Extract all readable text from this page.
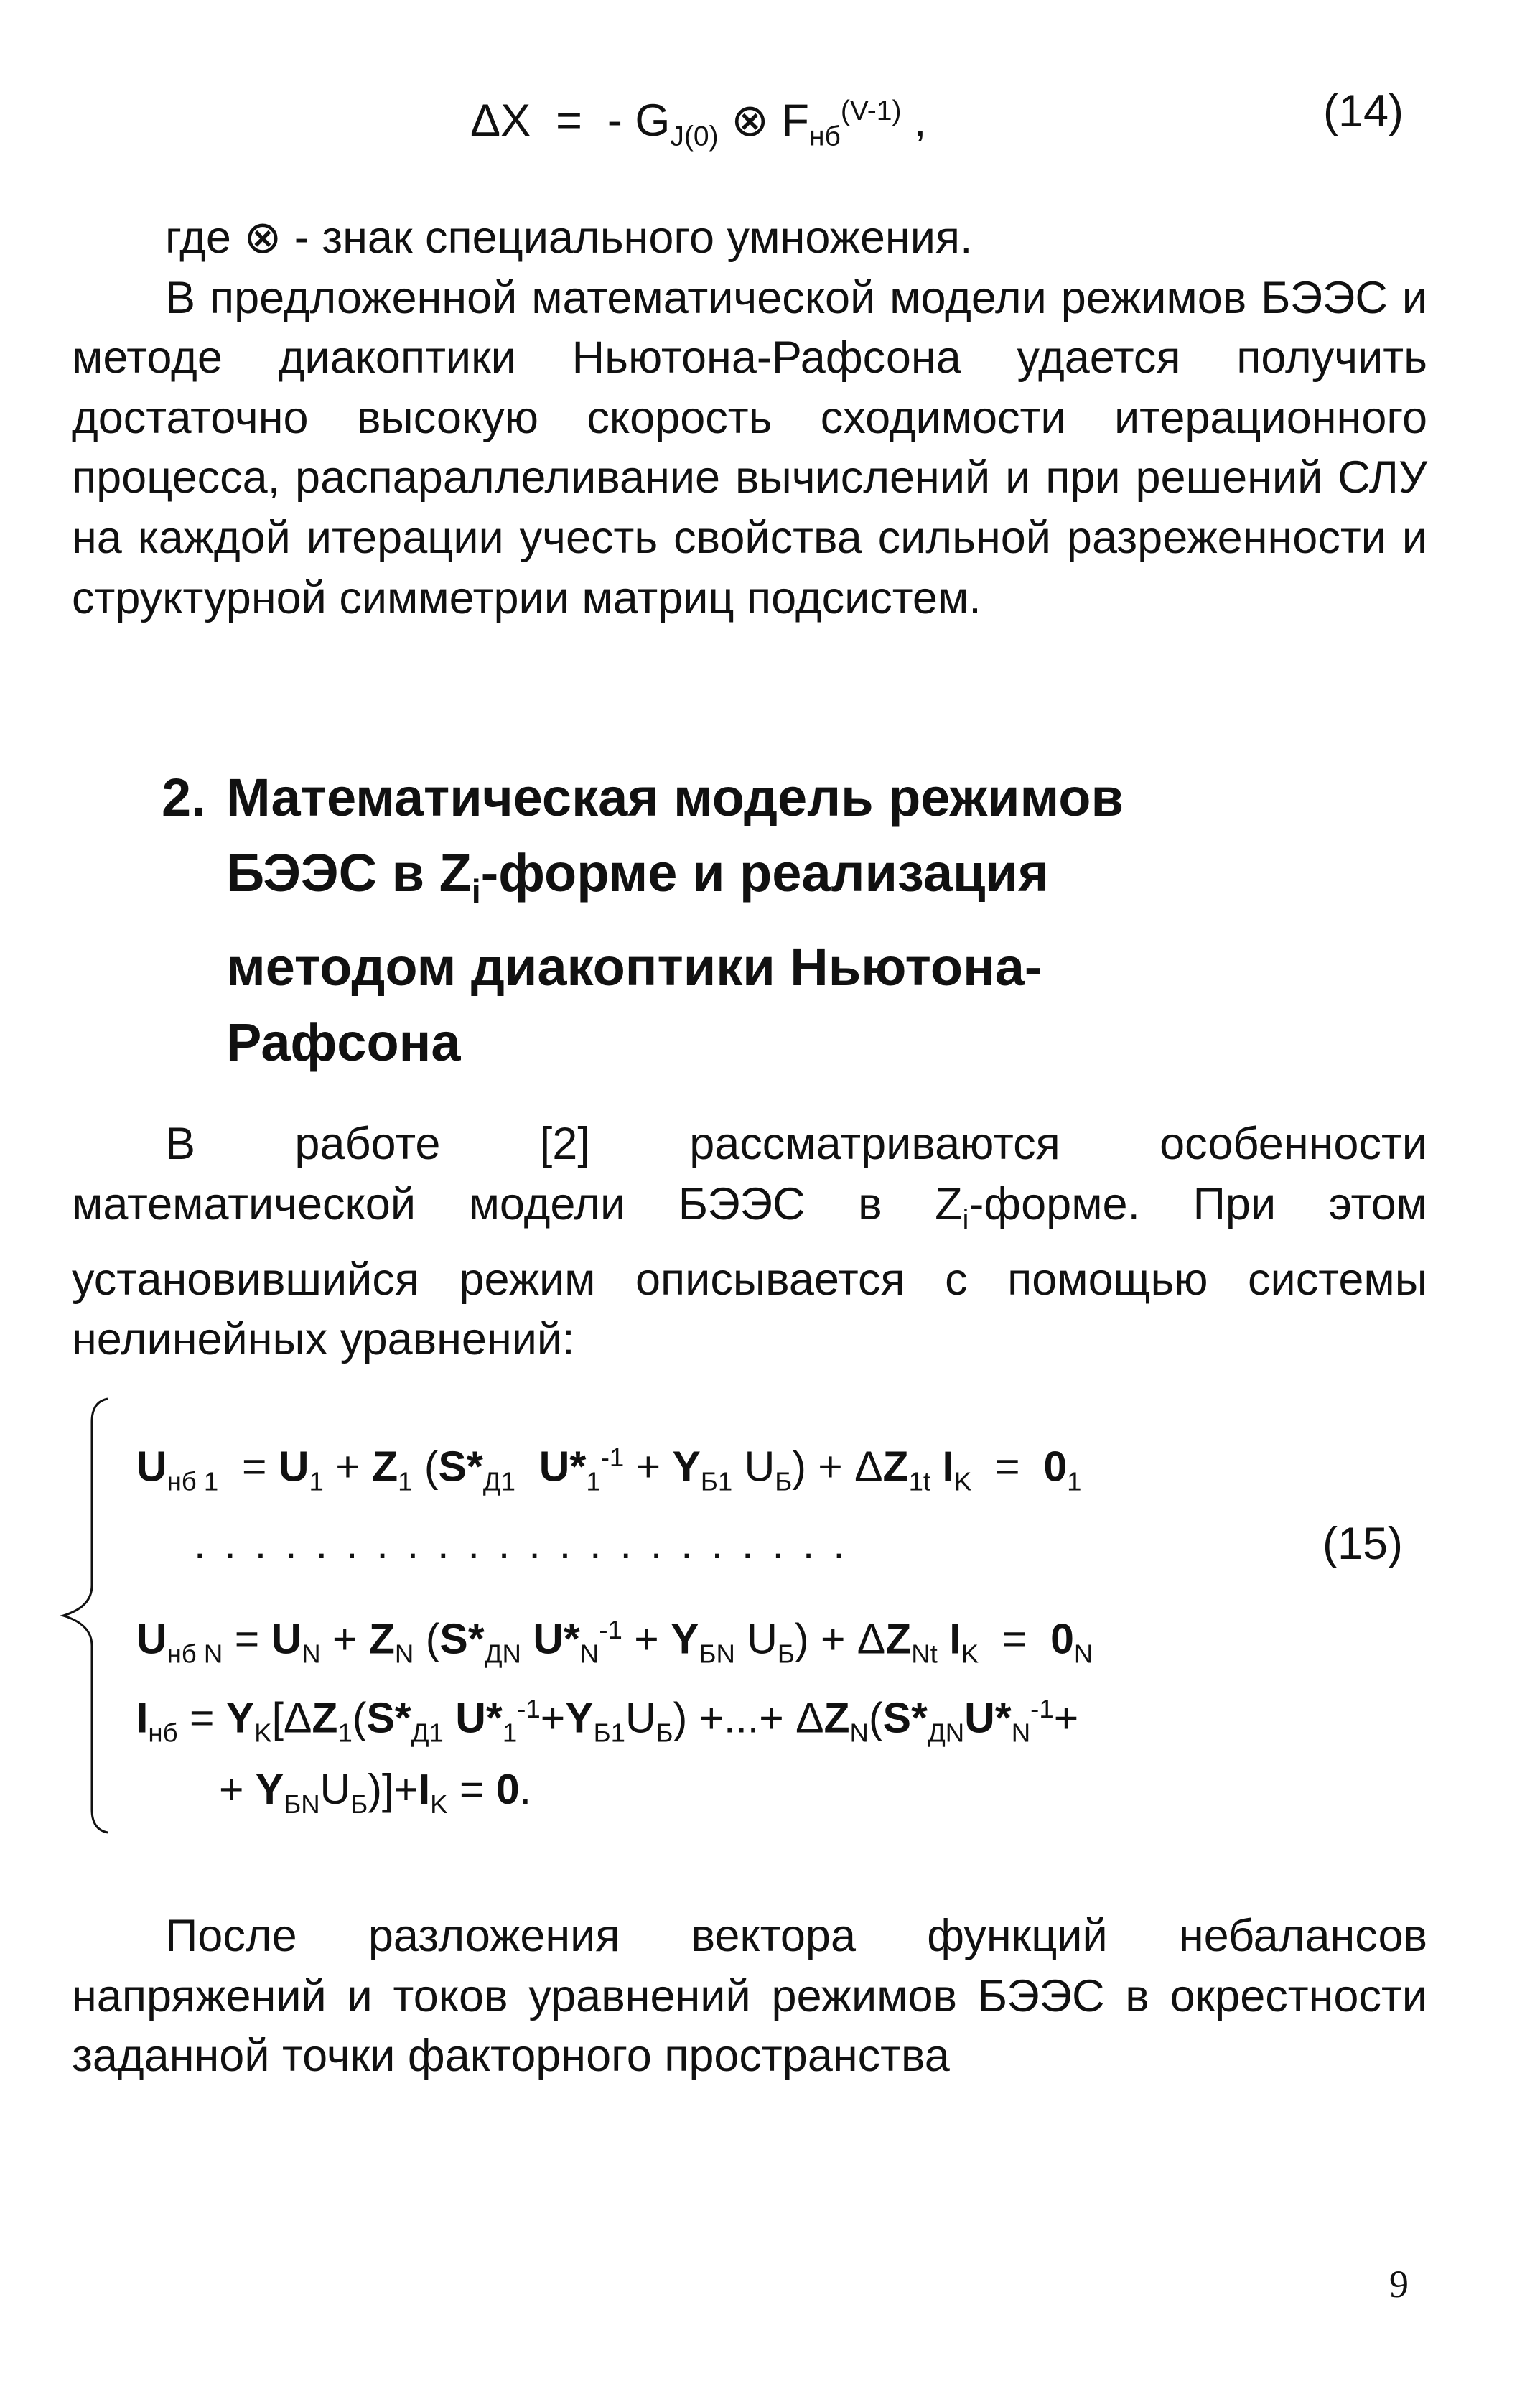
ΔX  =  - $G_{J(0)}$ ⊗ $F_{нб}^{(V-1)}$ ,	(14)

где ⊗ - знак специального умножения.

В предложенной математической модели режимов БЭЭС и методе диакоптики Ньютона-Рафсона удается получить достаточно высокую скорость сходимости итерационного процесса, распараллеливание вычислений и при решений СЛУ на каждой итерации учесть свойства сильной разреженности и структурной симметрии матриц подсистем.

2. Математическая модель режимов
БЭЭС в $Z_i$-форме и реализация
методом диакоптики Ньютона-
Рафсона

В работе [2] рассматриваются особенности математической модели БЭЭС в $Z_i$-форме. При этом установившийся режим описывается с помощью системы нелинейных уравнений:

$U_{нб 1} = U_1 + Z_1$ ($S*_{Д1}$ $U*_1^{-1} + Y_{Б1}$ $U_Б) + \Delta Z_{1t}$ $I_K = 0_1$
......................	(15)
$U_{нб N} = U_N + Z_N$ ($S*_{ДN}$ $U*_N^{-1} + Y_{БN}$ $U_Б) + \Delta Z_{Nt}$ $I_K = 0_N$
$I_{нб} = Y_K[\Delta Z_1(S*_{Д1}$ $U*_1^{-1}+Y_{Б1}U_Б$) +...+ $\Delta Z_N(S*_{ДN}U*_N^{-1}+$
+ $Y_{БN}U_Б)]+I_K = 0$.

После разложения вектора функций небалансов напряжений и токов уравнений режимов БЭЭС в окрестности заданной точки факторного пространства

9
